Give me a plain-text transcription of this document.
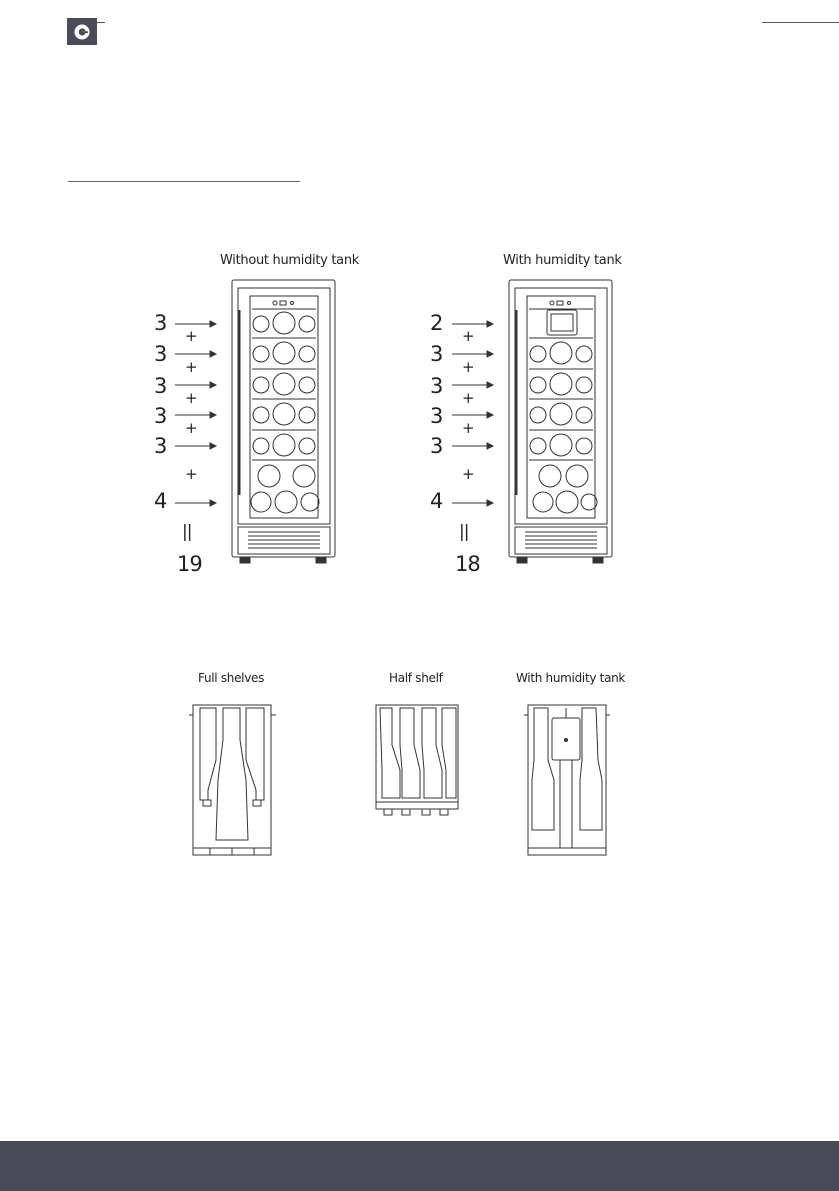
Without humidity tank	With humidity tank
3
3
3
3
3
4
+
+
+
+
+
||
19
2
3
3
3
3
4
+
+
+
+
+
||
18
Full shelves	Half shelf	With humidity tank
